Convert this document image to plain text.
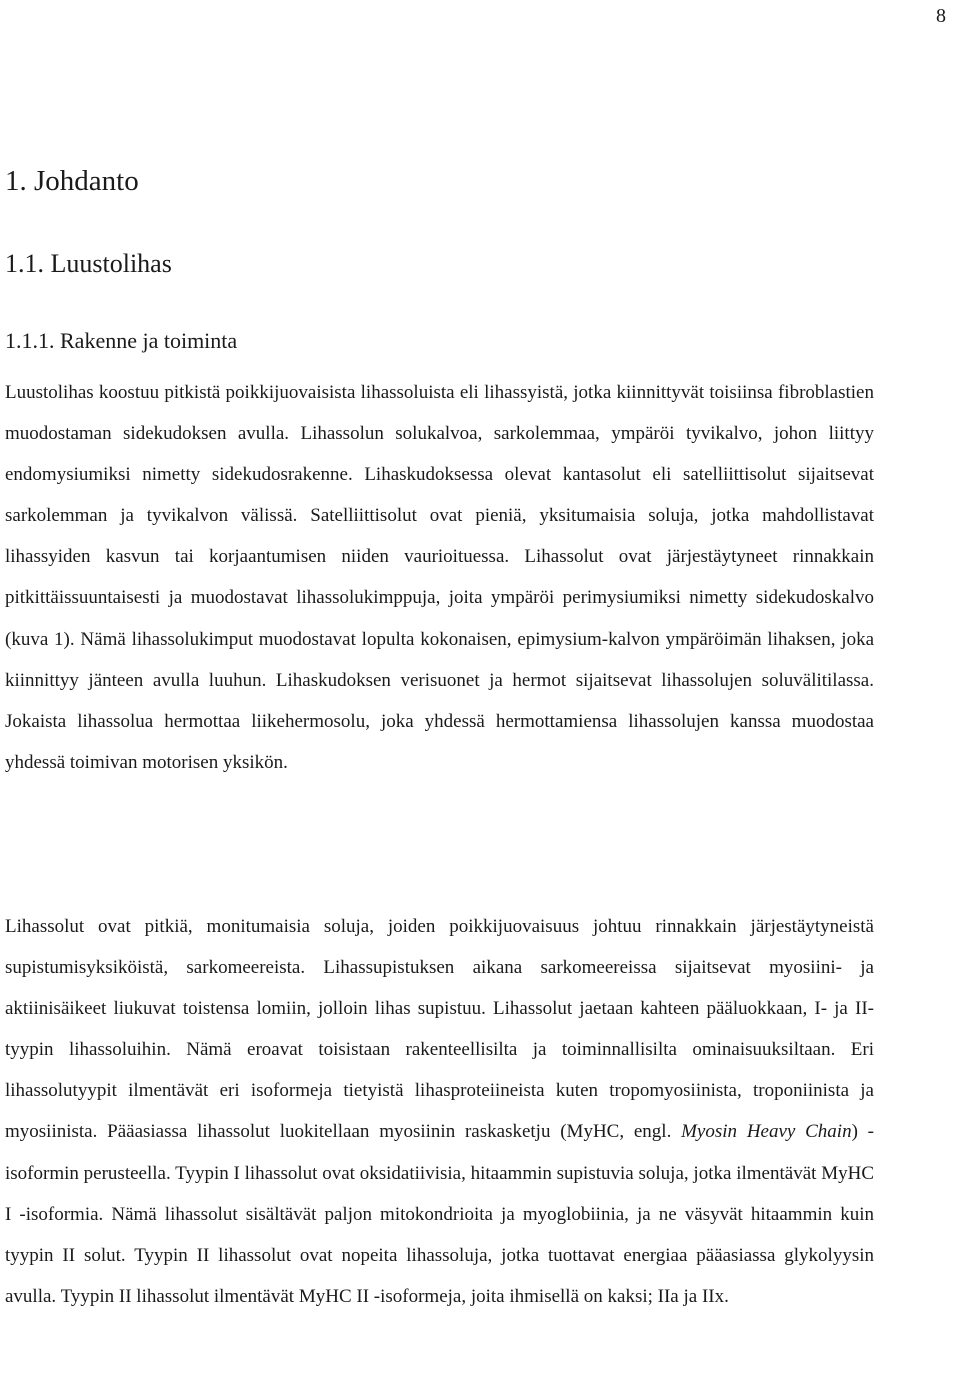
8
1. Johdanto
1.1. Luustolihas
1.1.1. Rakenne ja toiminta

Luustolihas koostuu pitkistä poikkijuovaisista lihassoluista eli lihassyistä, jotka kiinnittyvät toisiinsa fibroblastien muodostaman sidekudoksen avulla. Lihassolun solukalvoa, sarkolemmaa, ympäröi tyvikalvo, johon liittyy endomysiumiksi nimetty sidekudosrakenne. Lihaskudoksessa olevat kantasolut eli satelliittisolut sijaitsevat sarkolemman ja tyvikalvon välissä. Satelliittisolut ovat pieniä, yksitumaisia soluja, jotka mahdollistavat lihassyiden kasvun tai korjaantumisen niiden vaurioituessa. Lihassolut ovat järjestäytyneet rinnakkain pitkittäissuuntaisesti ja muodostavat lihassolukimppuja, joita ympäröi perimysiumiksi nimetty sidekudoskalvo (kuva 1). Nämä lihassolukimput muodostavat lopulta kokonaisen, epimysium-kalvon ympäröimän lihaksen, joka kiinnittyy jänteen avulla luuhun. Lihaskudoksen verisuonet ja hermot sijaitsevat lihassolujen soluvälitilassa. Jokaista lihassolua hermottaa liikehermosolu, joka yhdessä hermottamiensa lihassolujen kanssa muodostaa yhdessä toimivan motorisen yksikön.

Lihassolut ovat pitkiä, monitumaisia soluja, joiden poikkijuovaisuus johtuu rinnakkain järjestäytyneistä supistumisyksiköistä, sarkomeereista. Lihassupistuksen aikana sarkomeereissa sijaitsevat myosiini- ja aktiinisäikeet liukuvat toistensa lomiin, jolloin lihas supistuu. Lihassolut jaetaan kahteen pääluokkaan, I- ja II-tyypin lihassoluihin. Nämä eroavat toisistaan rakenteellisilta ja toiminnallisilta ominaisuuksiltaan. Eri lihassolutyypit ilmentävät eri isoformeja tietyistä lihasproteiineista kuten tropomyosiinista, troponiinista ja myosiinista. Pääasiassa lihassolut luokitellaan myosiinin raskasketju (MyHC, engl. Myosin Heavy Chain) -isoformin perusteella. Tyypin I lihassolut ovat oksidatiivisia, hitaammin supistuvia soluja, jotka ilmentävät MyHC I -isoformia. Nämä lihassolut sisältävät paljon mitokondrioita ja myoglobiinia, ja ne väsyvät hitaammin kuin tyypin II solut. Tyypin II lihassolut ovat nopeita lihassoluja, jotka tuottavat energiaa pääasiassa glykolyysin avulla. Tyypin II lihassolut ilmentävät MyHC II -isoformeja, joita ihmisellä on kaksi; IIa ja IIx.
